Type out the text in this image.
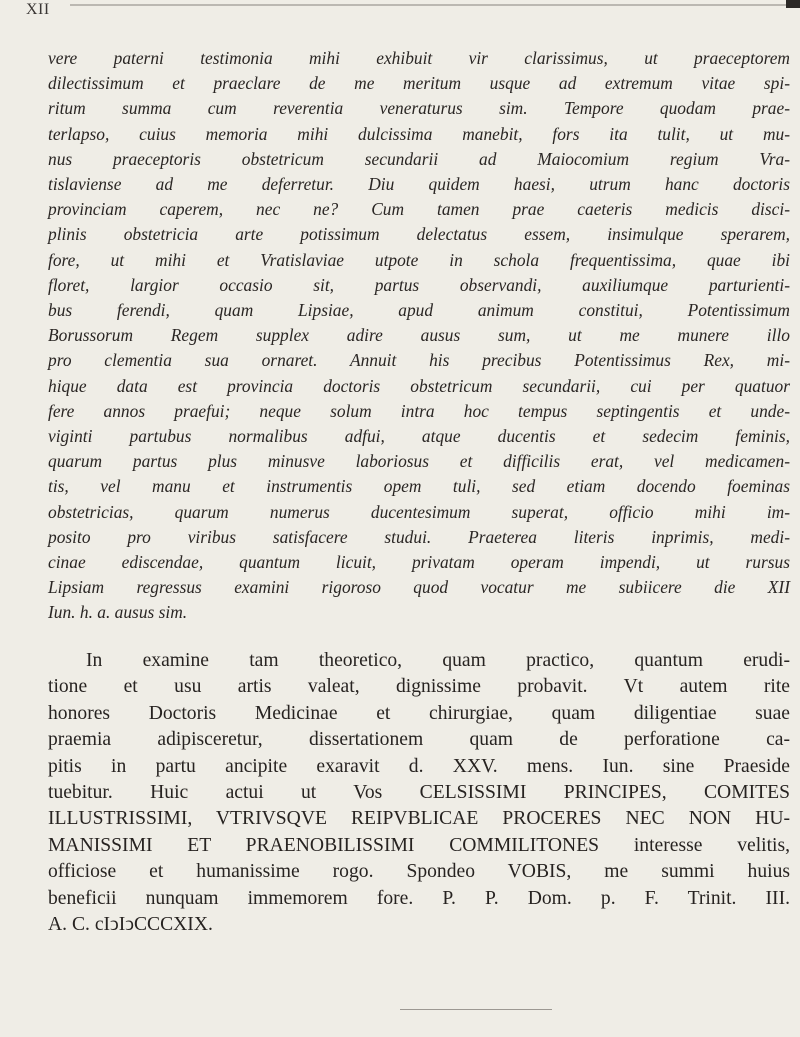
XII

vere paterni testimonia mihi exhibuit vir clarissimus, ut praeceptorem

dilectissimum et praeclare de me meritum usque ad extremum vitae spi-

ritum summa cum reverentia veneraturus sim. Tempore quodam prae-

terlapso, cuius memoria mihi dulcissima manebit, fors ita tulit, ut mu-

nus praeceptoris obstetricum secundarii ad Maiocomium regium Vra-

tislaviense ad me deferretur. Diu quidem haesi, utrum hanc doctoris

provinciam caperem, nec ne? Cum tamen prae caeteris medicis disci-

plinis obstetricia arte potissimum delectatus essem, insimulque sperarem,

fore, ut mihi et Vratislaviae utpote in schola frequentissima, quae ibi

floret, largior occasio sit, partus observandi, auxiliumque parturienti-

bus ferendi, quam Lipsiae, apud animum constitui, Potentissimum

Borussorum Regem supplex adire ausus sum, ut me munere illo

pro clementia sua ornaret. Annuit his precibus Potentissimus Rex, mi-

hique data est provincia doctoris obstetricum secundarii, cui per quatuor

fere annos praefui; neque solum intra hoc tempus septingentis et unde-

viginti partubus normalibus adfui, atque ducentis et sedecim feminis,

quarum partus plus minusve laboriosus et difficilis erat, vel medicamen-

tis, vel manu et instrumentis opem tuli, sed etiam docendo foeminas

obstetricias, quarum numerus ducentesimum superat, officio mihi im-

posito pro viribus satisfacere studui. Praeterea literis inprimis, medi-

cinae ediscendae, quantum licuit, privatam operam impendi, ut rursus

Lipsiam regressus examini rigoroso quod vocatur me subiicere die XII

Iun. h. a. ausus sim.

In examine tam theoretico, quam practico, quantum erudi-

tione et usu artis valeat, dignissime probavit. Vt autem rite

honores Doctoris Medicinae et chirurgiae, quam diligentiae suae

praemia adipisceretur, dissertationem quam de perforatione ca-

pitis in partu ancipite exaravit d. XXV. mens. Iun. sine Praeside

tuebitur. Huic actui ut Vos CELSISSIMI PRINCIPES, COMITES

ILLUSTRISSIMI, VTRIVSQVE REIPVBLICAE PROCERES NEC NON HU-

MANISSIMI ET PRAENOBILISSIMI COMMILITONES interesse velitis,

officiose et humanissime rogo. Spondeo VOBIS, me summi huius

beneficii nunquam immemorem fore. P. P. Dom. p. F. Trinit. III.

A. C. cIↄIↄCCCXIX.
